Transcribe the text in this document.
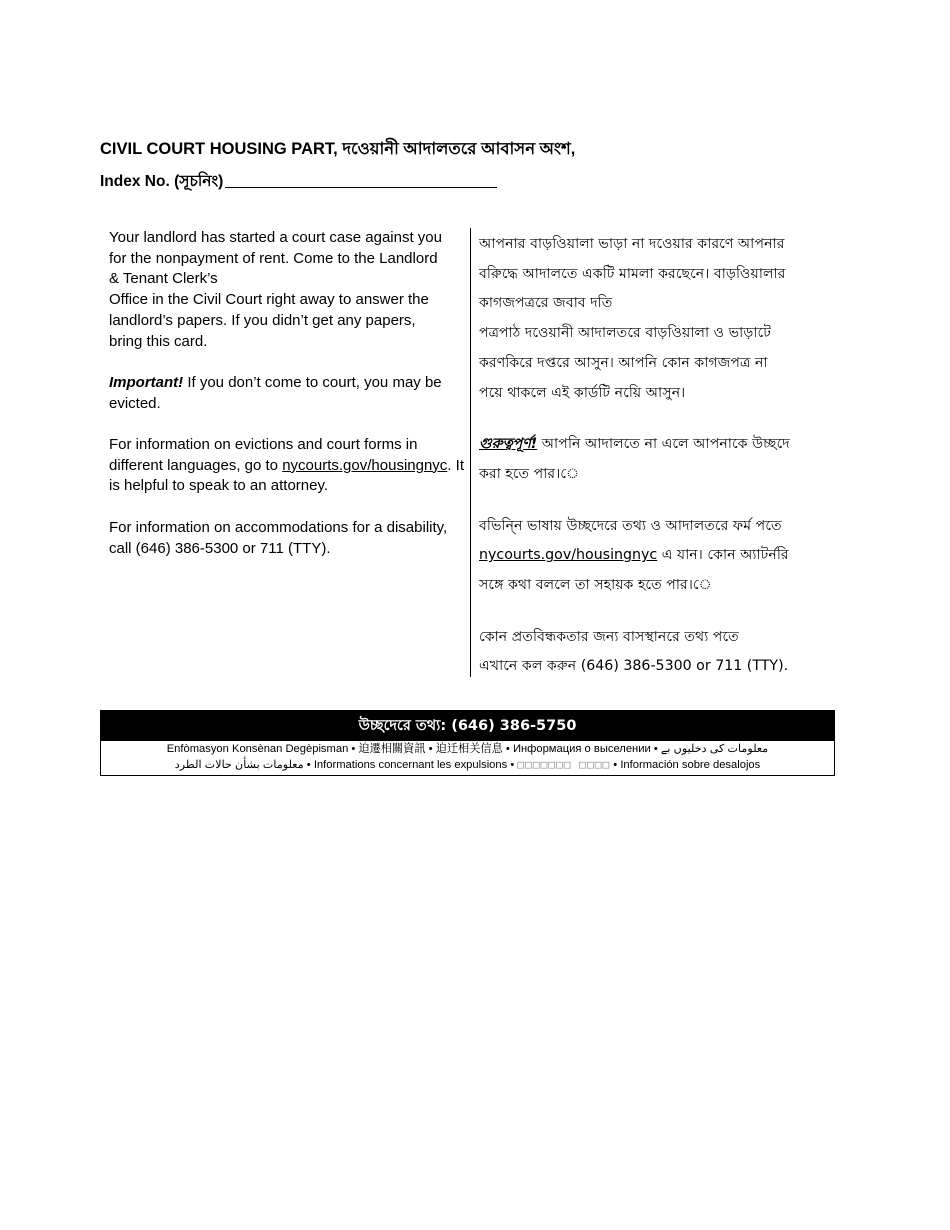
CIVIL COURT HOUSING PART, দওেয়ানী আদালতরে আবাসন অংশ,
Index No. (সূচনিং)

Your landlord has started a court case against you
for the nonpayment of rent. Come to the Landlord
& Tenant Clerk’s
Office in the Civil Court right away to answer the
landlord’s papers. If you didn’t get any papers,
bring this card.

Important! If you don’t come to court, you may be evicted.

For information on evictions and court forms in different languages, go to nycourts.gov/housingnyc. It is helpful to speak to an attorney.

For information on accommodations for a disability, call (646) 386-5300 or 711 (TTY).

আপনার বাড়ওিয়ালা ভাড়া না দওেয়ার কারণে আপনার
বরিুদ্ধে আদালতে একটি মামলা করছেনে। বাড়ওিয়ালার
কাগজপত্ররে জবাব দতি
পত্রপাঠ দওেয়ানী আদালতরে বাড়ওিয়ালা ও ভাড়াটে
করণকিরে দপ্তরে আসুন। আপনি কোন কাগজপত্র না
পয়ে থাকলে এই কার্ডটি নয়িে আসুন।

গুরুত্বপূর্ণ! আপনি আদালতে না এলে আপনাকে উচ্ছদে
করা হতে পার।ে

বভিনি্ন ভাষায় উচ্ছদেরে তথ্য ও আদালতরে ফর্ম পতে
nycourts.gov/housingnyc এ যান। কোন অ্যাটর্নরি
সঙ্গে কথা বললে তা সহায়ক হতে পার।ে

কোন প্রতবিন্ধকতার জন্য বাসস্থানরে তথ্য পতে
এখানে কল করুন (646) 386-5300 or 711 (TTY).

উচ্ছদেরে তথ্য: (646) 386-5750
Enfòmasyon Konsènan Degèpisman • 迫遷相關資訊 • 迫迁相关信息 • Информация о выселении • معلومات کی دخلیوں بے
معلومات بشأن حالات الطرد • Informations concernant les expulsions • □□□□□□□ □□□□ • Información sobre desalojos
